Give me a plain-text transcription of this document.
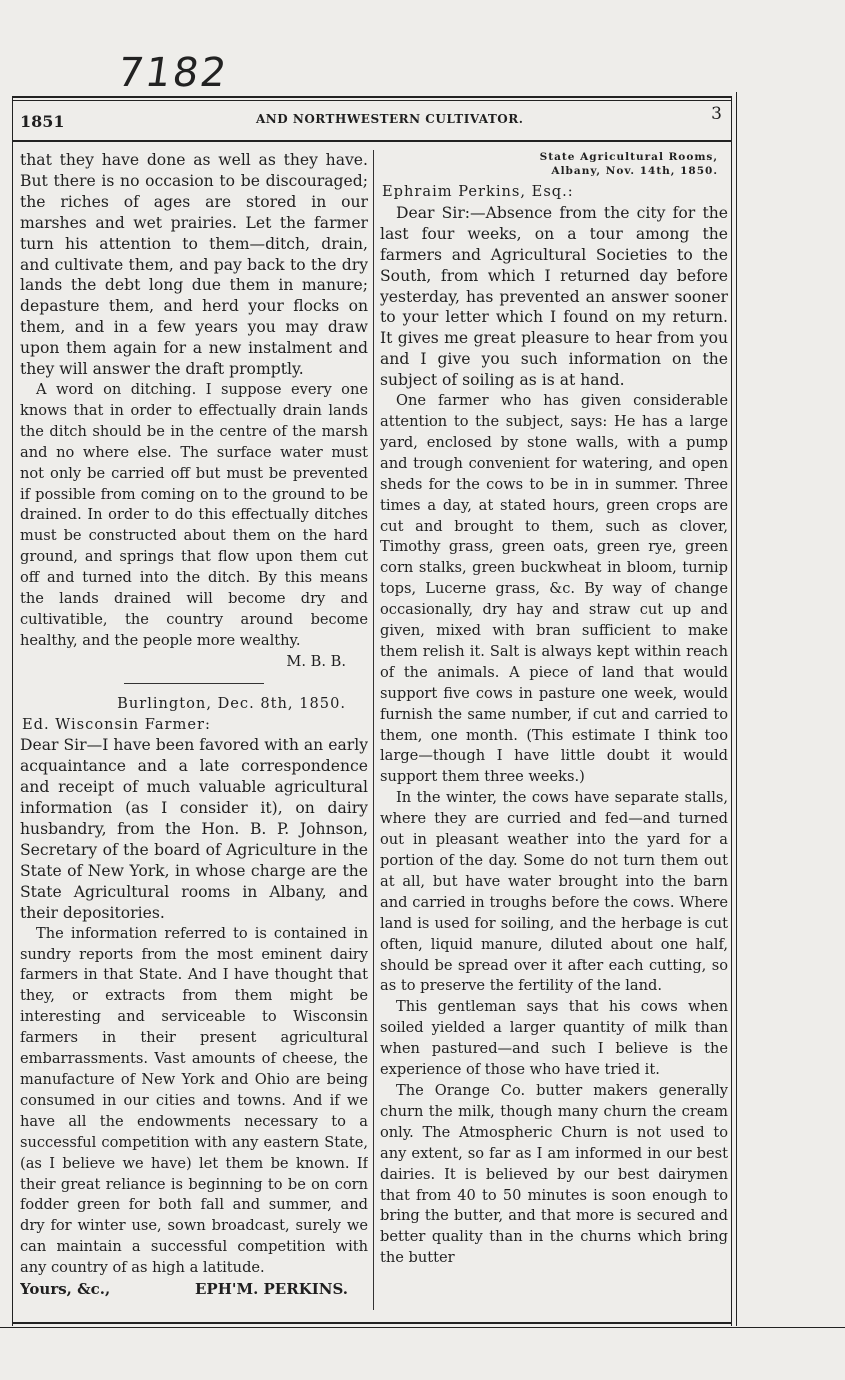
7182
1851	AND NORTHWESTERN CULTIVATOR.	3

that they have done as well as they have. But there is no occasion to be discouraged; the riches of ages are stored in our marshes and wet prairies. Let the farmer turn his attention to them—ditch, drain, and cultivate them, and pay back to the dry lands the debt long due them in manure; depasture them, and herd your flocks on them, and in a few years you may draw upon them again for a new instalment and they will answer the draft promptly.

A word on ditching. I suppose every one knows that in order to effectually drain lands the ditch should be in the centre of the marsh and no where else. The surface water must not only be carried off but must be prevented if possible from coming on to the ground to be drained. In order to do this effectually ditches must be constructed about them on the hard ground, and springs that flow upon them cut off and turned into the ditch. By this means the lands drained will become dry and cultivatible, the country around become healthy, and the people more wealthy.

M. B. B.
Burlington, Dec. 8th, 1850.
Ed. Wisconsin Farmer:

Dear Sir—I have been favored with an early acquaintance and a late correspondence and receipt of much valuable agricultural information (as I consider it), on dairy husbandry, from the Hon. B. P. Johnson, Secretary of the board of Agriculture in the State of New York, in whose charge are the State Agricultural rooms in Albany, and their depositories.

The information referred to is contained in sundry reports from the most eminent dairy farmers in that State. And I have thought that they, or extracts from them might be interesting and serviceable to Wisconsin farmers in their present agricultural embarrassments. Vast amounts of cheese, the manufacture of New York and Ohio are being consumed in our cities and towns. And if we have all the endowments necessary to a successful competition with any eastern State, (as I believe we have) let them be known. If their great reliance is beginning to be on corn fodder green for both fall and summer, and dry for winter use, sown broadcast, surely we can maintain a successful competition with any country of as high a latitude.

Yours, &c.,	EPH'M. PERKINS.
State Agricultural Rooms,
Albany, Nov. 14th, 1850.
Ephraim Perkins, Esq.:

Dear Sir:—Absence from the city for the last four weeks, on a tour among the farmers and Agricultural Societies to the South, from which I returned day before yesterday, has prevented an answer sooner to your letter which I found on my return. It gives me great pleasure to hear from you and I give you such information on the subject of soiling as is at hand.

One farmer who has given considerable attention to the subject, says: He has a large yard, enclosed by stone walls, with a pump and trough convenient for watering, and open sheds for the cows to be in in summer. Three times a day, at stated hours, green crops are cut and brought to them, such as clover, Timothy grass, green oats, green rye, green corn stalks, green buckwheat in bloom, turnip tops, Lucerne grass, &c. By way of change occasionally, dry hay and straw cut up and given, mixed with bran sufficient to make them relish it. Salt is always kept within reach of the animals. A piece of land that would support five cows in pasture one week, would furnish the same number, if cut and carried to them, one month. (This estimate I think too large—though I have little doubt it would support them three weeks.)

In the winter, the cows have separate stalls, where they are curried and fed—and turned out in pleasant weather into the yard for a portion of the day. Some do not turn them out at all, but have water brought into the barn and carried in troughs before the cows. Where land is used for soiling, and the herbage is cut often, liquid manure, diluted about one half, should be spread over it after each cutting, so as to preserve the fertility of the land.

This gentleman says that his cows when soiled yielded a larger quantity of milk than when pastured—and such I believe is the experience of those who have tried it.

The Orange Co. butter makers generally churn the milk, though many churn the cream only. The Atmospheric Churn is not used to any extent, so far as I am informed in our best dairies. It is believed by our best dairymen that from 40 to 50 minutes is soon enough to bring the butter, and that more is secured and better quality than in the churns which bring the butter
